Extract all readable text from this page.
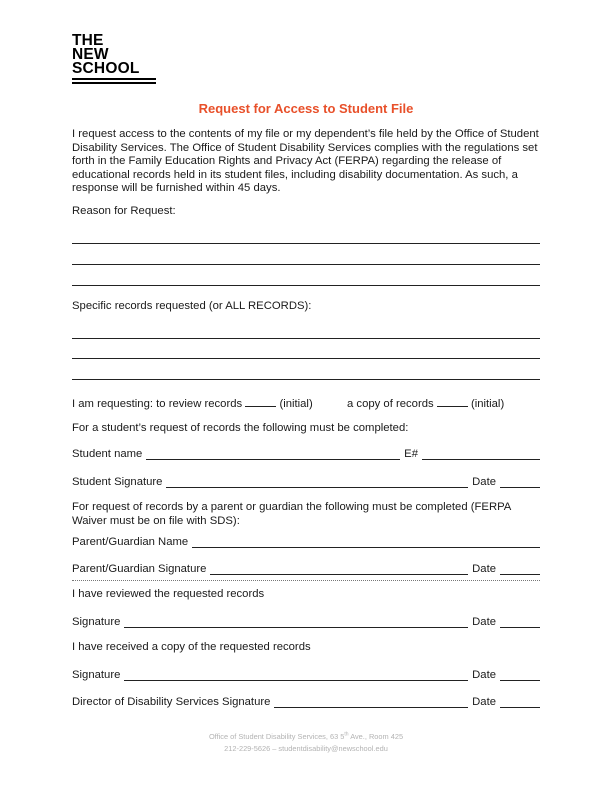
THE
NEW
SCHOOL
Request for Access to Student File
I request access to the contents of my file or my dependent’s file held by the Office of Student Disability Services. The Office of Student Disability Services complies with the regulations set forth in the Family Education Rights and Privacy Act (FERPA) regarding the release of educational records held in its student files, including disability documentation. As such, a response will be furnished within 45 days.
Reason for Request:
Specific records requested (or ALL RECORDS):
I am requesting: to review records	(initial)	a copy of records	(initial)
For a student’s request of records the following must be completed:
Student name	E#
Student Signature	Date
For request of records by a parent or guardian the following must be completed (FERPA Waiver must be on file with SDS):
Parent/Guardian Name
Parent/Guardian Signature	Date
I have reviewed the requested records
Signature	Date
I have received a copy of the requested records
Signature	Date
Director of Disability Services Signature	Date
Office of Student Disability Services, 63 5th Ave., Room 425
212-229-5626 – studentdisability@newschool.edu
